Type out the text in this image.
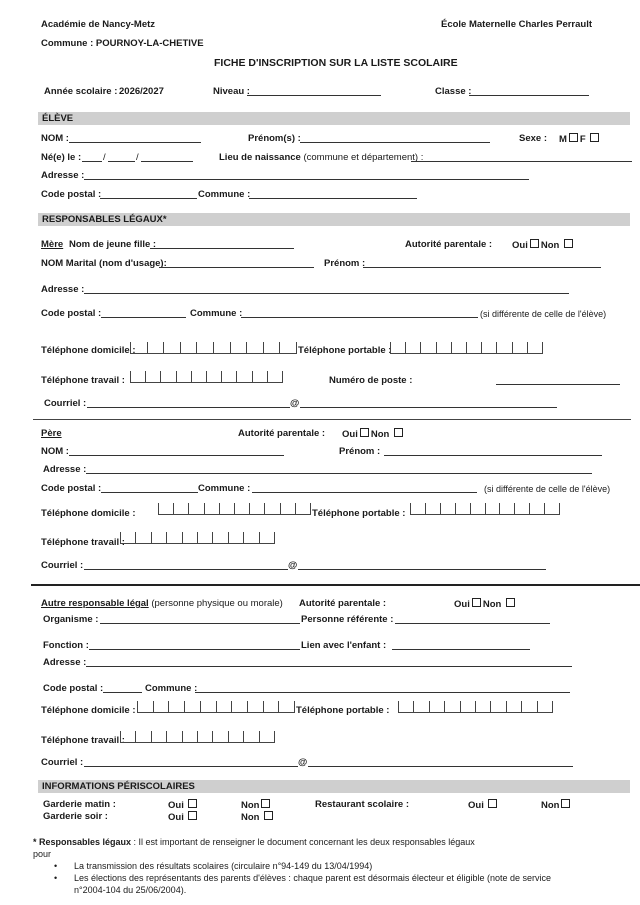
Académie de Nancy-Metz
Commune : POURNOY-LA-CHETIVE
École Maternelle Charles Perrault
FICHE D'INSCRIPTION SUR LA LISTE SCOLAIRE
Année scolaire : 2026/2027	Niveau :	Classe :
ÉLÈVE
NOM :	Prénom(s) :	Sexe : M F
Né(e) le : /	/	Lieu de naissance (commune et département) :
Adresse :
Code postal :	Commune :
RESPONSABLES LÉGAUX*
Mère Nom de jeune fille :	Autorité parentale : Oui Non
NOM Marital (nom d'usage):	Prénom :
Adresse :
Code postal :	Commune :	(si différente de celle de l'élève)
Téléphone domicile :	Téléphone portable :
Téléphone travail :	Numéro de poste :
Courriel :	@
Père	Autorité parentale : Oui Non
NOM :	Prénom :
Adresse :
Code postal :	Commune :	(si différente de celle de l'élève)
Téléphone domicile :	Téléphone portable :
Téléphone travail :
Courriel :	@
Autre responsable légal (personne physique ou morale) Autorité parentale :	Oui Non
Organisme :	Personne référente :
Fonction :	Lien avec l'enfant :
Adresse :
Code postal :	Commune :
Téléphone domicile :	Téléphone portable :
Téléphone travail :
Courriel :	@
INFORMATIONS PÉRISCOLAIRES
Garderie matin :	Oui	Non	Restaurant scolaire :	Oui	Non
Garderie soir :	Oui	Non
* Responsables légaux : Il est important de renseigner le document concernant les deux responsables légaux
pour
• La transmission des résultats scolaires (circulaire n°94-149 du 13/04/1994)
• Les élections des représentants des parents d'élèves : chaque parent est désormais électeur et éligible (note de service
n°2004-104 du 25/06/2004).
